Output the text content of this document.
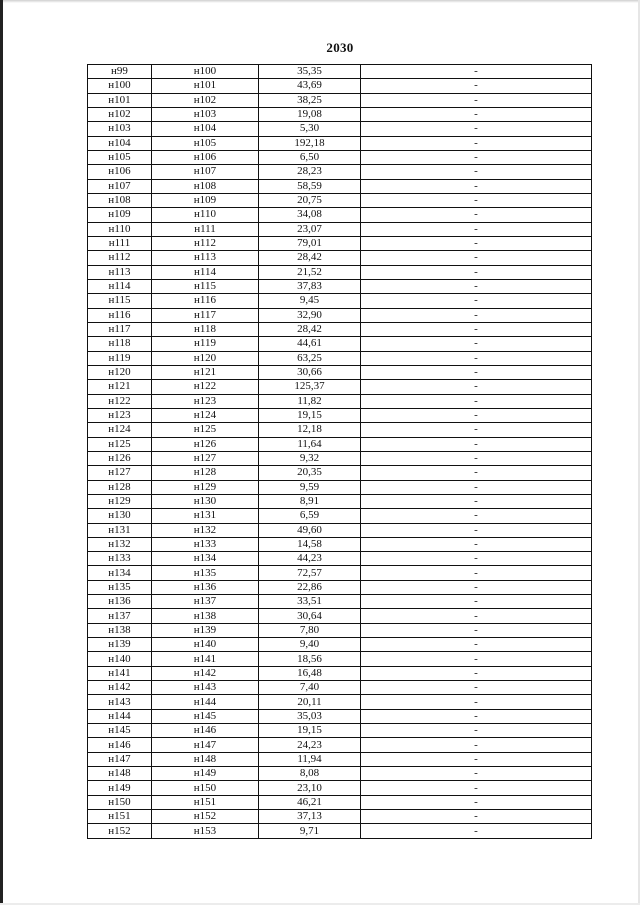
2030
н99	н100	35,35	-
н100	н101	43,69	-
н101	н102	38,25	-
н102	н103	19,08	-
н103	н104	5,30	-
н104	н105	192,18	-
н105	н106	6,50	-
н106	н107	28,23	-
н107	н108	58,59	-
н108	н109	20,75	-
н109	н110	34,08	-
н110	н111	23,07	-
н111	н112	79,01	-
н112	н113	28,42	-
н113	н114	21,52	-
н114	н115	37,83	-
н115	н116	9,45	-
н116	н117	32,90	-
н117	н118	28,42	-
н118	н119	44,61	-
н119	н120	63,25	-
н120	н121	30,66	-
н121	н122	125,37	-
н122	н123	11,82	-
н123	н124	19,15	-
н124	н125	12,18	-
н125	н126	11,64	-
н126	н127	9,32	-
н127	н128	20,35	-
н128	н129	9,59	-
н129	н130	8,91	-
н130	н131	6,59	-
н131	н132	49,60	-
н132	н133	14,58	-
н133	н134	44,23	-
н134	н135	72,57	-
н135	н136	22,86	-
н136	н137	33,51	-
н137	н138	30,64	-
н138	н139	7,80	-
н139	н140	9,40	-
н140	н141	18,56	-
н141	н142	16,48	-
н142	н143	7,40	-
н143	н144	20,11	-
н144	н145	35,03	-
н145	н146	19,15	-
н146	н147	24,23	-
н147	н148	11,94	-
н148	н149	8,08	-
н149	н150	23,10	-
н150	н151	46,21	-
н151	н152	37,13	-
н152	н153	9,71	-
